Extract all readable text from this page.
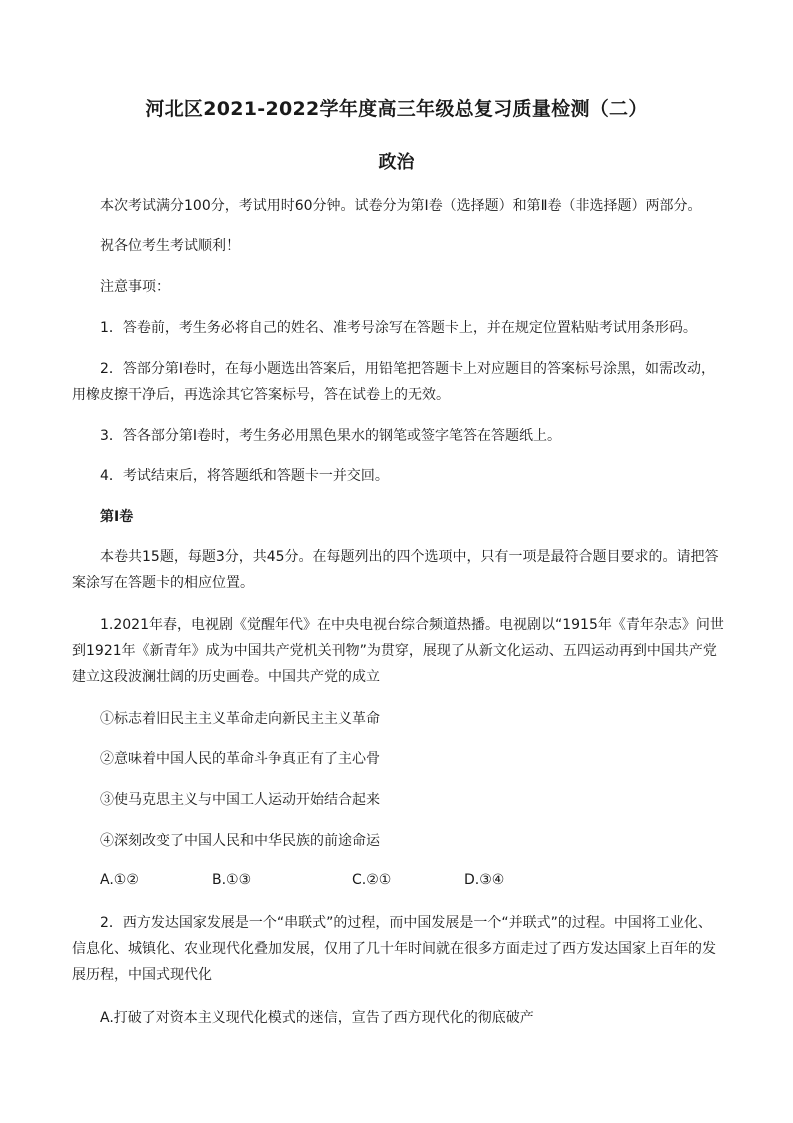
河北区2021-2022学年度高三年级总复习质量检测（二）
政治

本次考试满分100分，考试用时60分钟。试卷分为第Ⅰ卷（选择题）和第Ⅱ卷（非选择题）两部分。

祝各位考生考试顺利！

注意事项：

1．答卷前，考生务必将自己的姓名、准考号涂写在答题卡上，并在规定位置粘贴考试用条形码。

2．答部分第Ⅰ卷时，在每小题选出答案后，用铅笔把答题卡上对应题目的答案标号涂黑，如需改动，用橡皮擦干净后，再选涂其它答案标号，答在试卷上的无效。

3．答各部分第Ⅰ卷时，考生务必用黑色果水的钢笔或签字笔答在答题纸上。

4．考试结束后，将答题纸和答题卡一并交回。

第Ⅰ卷

本卷共15题，每题3分，共45分。在每题列出的四个选项中，只有一项是最符合题目要求的。请把答案涂写在答题卡的相应位置。

1.2021年春，电视剧《觉醒年代》在中央电视台综合频道热播。电视剧以“1915年《青年杂志》问世到1921年《新青年》成为中国共产党机关刊物”为贯穿，展现了从新文化运动、五四运动再到中国共产党建立这段波澜壮阔的历史画卷。中国共产党的成立

①标志着旧民主主义革命走向新民主主义革命

②意味着中国人民的革命斗争真正有了主心骨

③使马克思主义与中国工人运动开始结合起来

④深刻改变了中国人民和中华民族的前途命运

A.①②	B.①③	C.②①	D.③④

2．西方发达国家发展是一个“串联式”的过程，而中国发展是一个“并联式”的过程。中国将工业化、信息化、城镇化、农业现代化叠加发展，仅用了几十年时间就在很多方面走过了西方发达国家上百年的发展历程，中国式现代化

A.打破了对资本主义现代化模式的迷信，宣告了西方现代化的彻底破产
